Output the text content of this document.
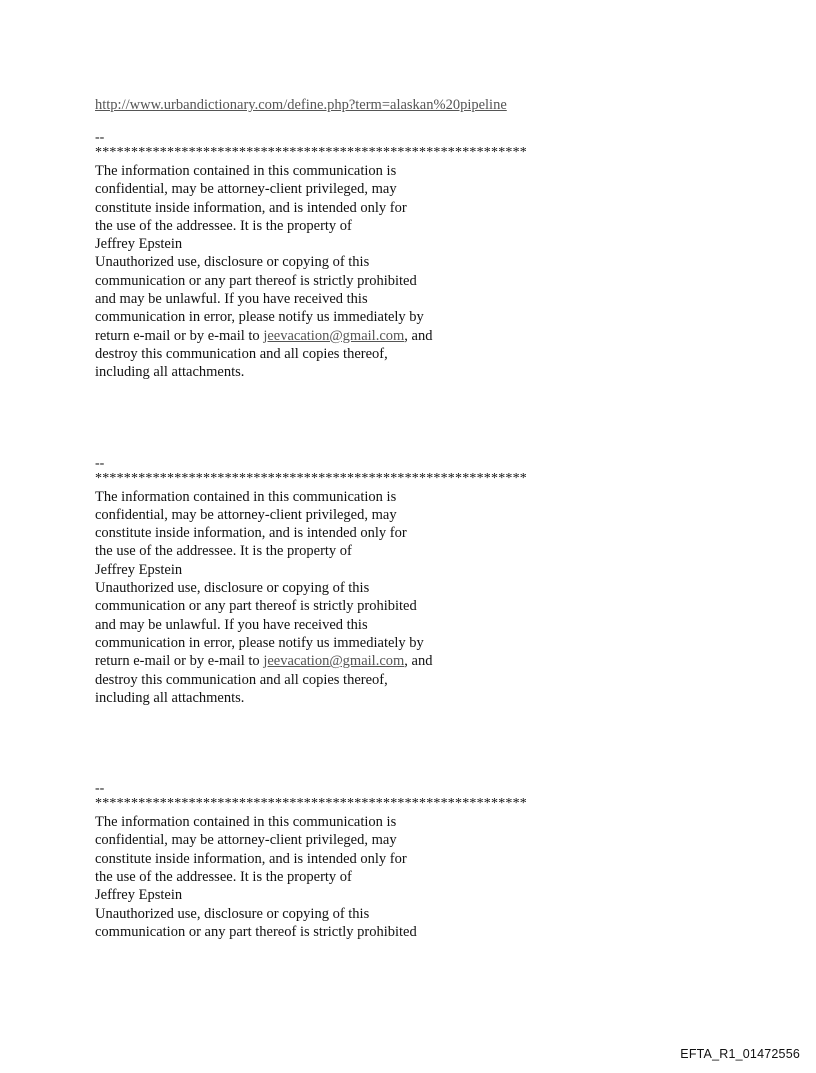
http://www.urbandictionary.com/define.php?term=alaskan%20pipeline
--
************************************************************
The information contained in this communication is
confidential, may be attorney-client privileged, may
constitute inside information, and is intended only for
the use of the addressee. It is the property of
Jeffrey Epstein
Unauthorized use, disclosure or copying of this
communication or any part thereof is strictly prohibited
and may be unlawful. If you have received this
communication in error, please notify us immediately by
return e-mail or by e-mail to jeevacation@gmail.com, and
destroy this communication and all copies thereof,
including all attachments.
--
************************************************************
The information contained in this communication is
confidential, may be attorney-client privileged, may
constitute inside information, and is intended only for
the use of the addressee. It is the property of
Jeffrey Epstein
Unauthorized use, disclosure or copying of this
communication or any part thereof is strictly prohibited
and may be unlawful. If you have received this
communication in error, please notify us immediately by
return e-mail or by e-mail to jeevacation@gmail.com, and
destroy this communication and all copies thereof,
including all attachments.
--
************************************************************
The information contained in this communication is
confidential, may be attorney-client privileged, may
constitute inside information, and is intended only for
the use of the addressee. It is the property of
Jeffrey Epstein
Unauthorized use, disclosure or copying of this
communication or any part thereof is strictly prohibited
EFTA_R1_01472556
